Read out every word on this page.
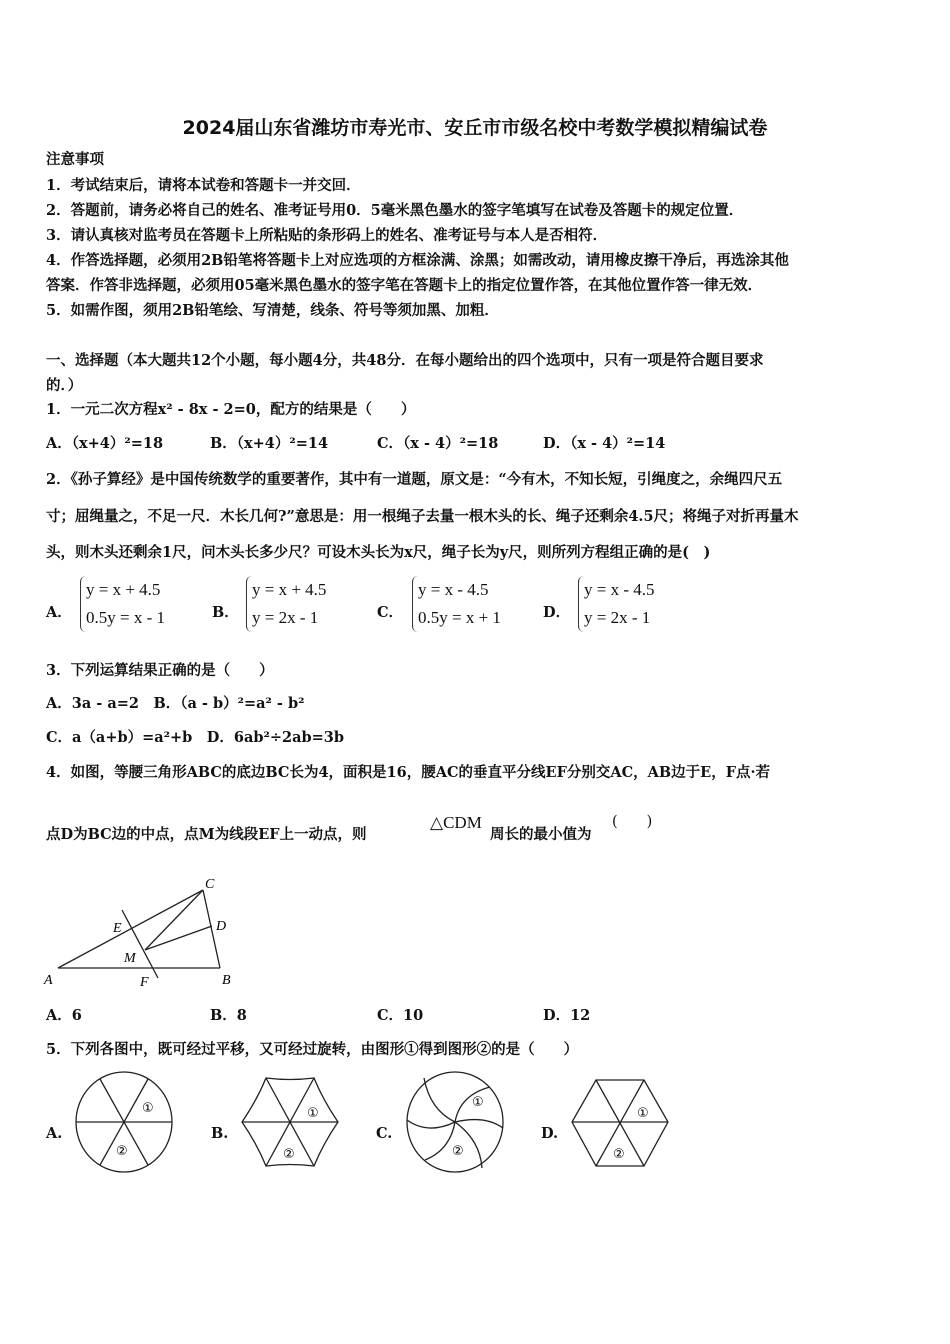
2024届山东省潍坊市寿光市、安丘市市级名校中考数学模拟精编试卷
注意事项
1．考试结束后，请将本试卷和答题卡一并交回．
2．答题前，请务必将自己的姓名、准考证号用0．5毫米黑色墨水的签字笔填写在试卷及答题卡的规定位置．
3．请认真核对监考员在答题卡上所粘贴的条形码上的姓名、准考证号与本人是否相符．
4．作答选择题，必须用2B铅笔将答题卡上对应选项的方框涂满、涂黑；如需改动，请用橡皮擦干净后，再选涂其他
答案．作答非选择题，必须用05毫米黑色墨水的签字笔在答题卡上的指定位置作答，在其他位置作答一律无效．
5．如需作图，须用2B铅笔绘、写清楚，线条、符号等须加黑、加粗．
一、选择题（本大题共12个小题，每小题4分，共48分．在每小题给出的四个选项中，只有一项是符合题目要求
的．）
1．一元二次方程x² - 8x - 2=0，配方的结果是（　　）
A．（x+4）²=18	B．（x+4）²=14	C．（x - 4）²=18	D．（x - 4）²=14
2．《孙子算经》是中国传统数学的重要著作，其中有一道题，原文是：“今有木，不知长短，引绳度之，余绳四尺五
寸；屈绳量之，不足一尺．木长几何?”意思是：用一根绳子去量一根木头的长、绳子还剩余4.5尺；将绳子对折再量木
头，则木头还剩余1尺，问木头长多少尺？可设木头长为x尺，绳子长为y尺，则所列方程组正确的是(　)
A．
y = x + 4.5
0.5y = x - 1	B．
y = x + 4.5
y = 2x - 1	C．
y = x - 4.5
0.5y = x + 1	D．
y = x - 4.5
y = 2x - 1
3．下列运算结果正确的是（　　）
A．3a - a=2　B．（a - b）²=a² - b²
C．a（a+b）=a²+b　D．6ab²÷2ab=3b
4．如图，等腰三角形ABC的底边BC长为4，面积是16，腰AC的垂直平分线EF分别交AC，AB边于E，F点·若
点D为BC边的中点，点M为线段EF上一动点，则
△CDM
周长的最小值为
(　　)
A	B
C
D
E
F
M
A．6	B．8	C．10	D．12
5．下列各图中，既可经过平移，又可经过旋转，由图形①得到图形②的是（　　）
A.	B.	C.	D.
①
②
①
②
①
②
①
②
